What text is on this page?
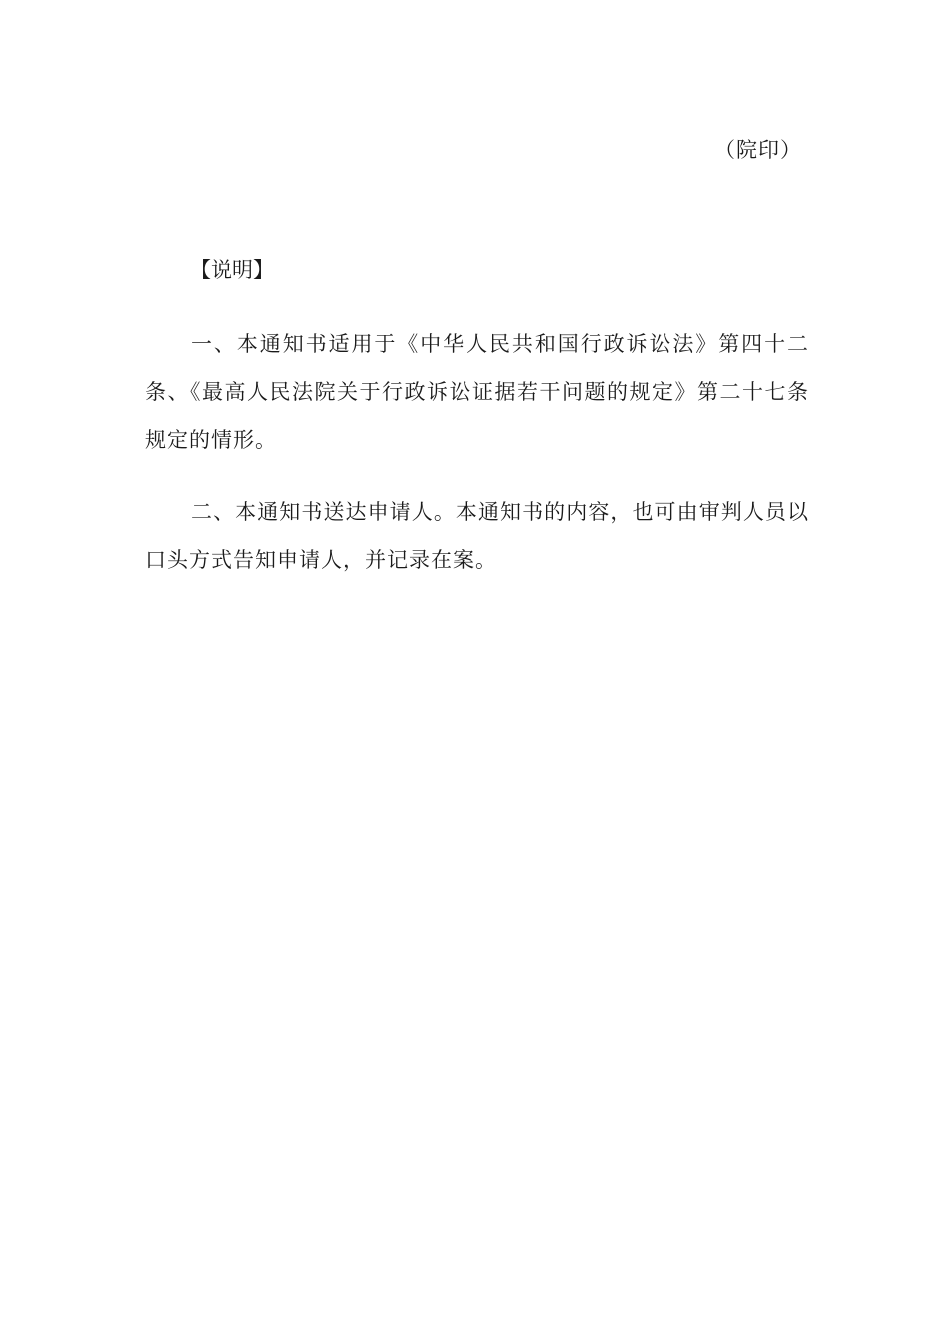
（院印）
【说明】

一、本通知书适用于《中华人民共和国行政诉讼法》第四十二条、《最高人民法院关于行政诉讼证据若干问题的规定》第二十七条规定的情形。

二、本通知书送达申请人。本通知书的内容，也可由审判人员以口头方式告知申请人，并记录在案。
